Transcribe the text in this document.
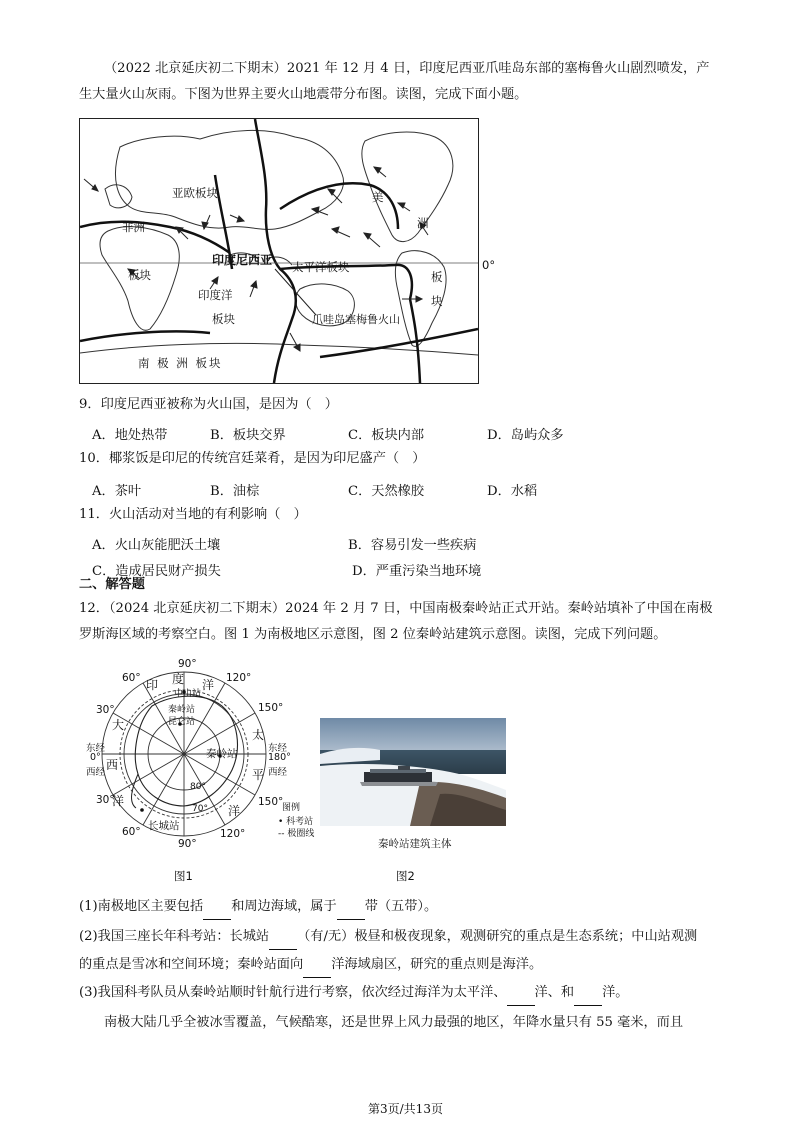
（2022 北京延庆初二下期末）2021 年 12 月 4 日，印度尼西亚爪哇岛东部的塞梅鲁火山剧烈喷发，产
生大量火山灰雨。下图为世界主要火山地震带分布图。读图，完成下面小题。
亚欧板块
非洲
板块
印度尼西亚 太平洋板块
印度洋
板块	爪哇岛塞梅鲁火山
美
洲
板
块
南 极 洲 板块
0°
9．印度尼西亚被称为火山国，是因为（　）
A．地处热带	B．板块交界	C．板块内部	D．岛屿众多
10．椰浆饭是印尼的传统宫廷菜肴，是因为印尼盛产（　）
A．茶叶	B．油棕	C．天然橡胶	D．水稻
11．火山活动对当地的有利影响（　）
A．火山灰能肥沃土壤	B．容易引发一些疾病
C．造成居民财产损失	D．严重污染当地环境
二、解答题
12．（2024 北京延庆初二下期末）2024 年 2 月 7 日，中国南极秦岭站正式开站。秦岭站填补了中国在南极
罗斯海区域的考察空白。图 1 为南极地区示意图，图 2 位秦岭站建筑示意图。读图，完成下列问题。
90°
60°	120°
30°	150°
东经
0°
西经
东经
180°
西经
30°	150°
60°	120°
90°
印 度 洋
大
西
洋
太
平
洋
中山站
秦岭站
昆仑站
秦岭站
长城站
70°
80°
图例
• 科考站
-- 极圈线
图1
秦岭站建筑主体
图2
(1)南极地区主要包括 和周边海域，属于 带（五带）。
(2)我国三座长年科考站：长城站 （有/无）极昼和极夜现象，观测研究的重点是生态系统；中山站观测
的重点是雪冰和空间环境；秦岭站面向 洋海域扇区，研究的重点则是海洋。
(3)我国科考队员从秦岭站顺时针航行进行考察，依次经过海洋为太平洋、 洋、和 洋。
南极大陆几乎全被冰雪覆盖，气候酷寒，还是世界上风力最强的地区，年降水量只有 55 毫米，而且
第3页/共13页
